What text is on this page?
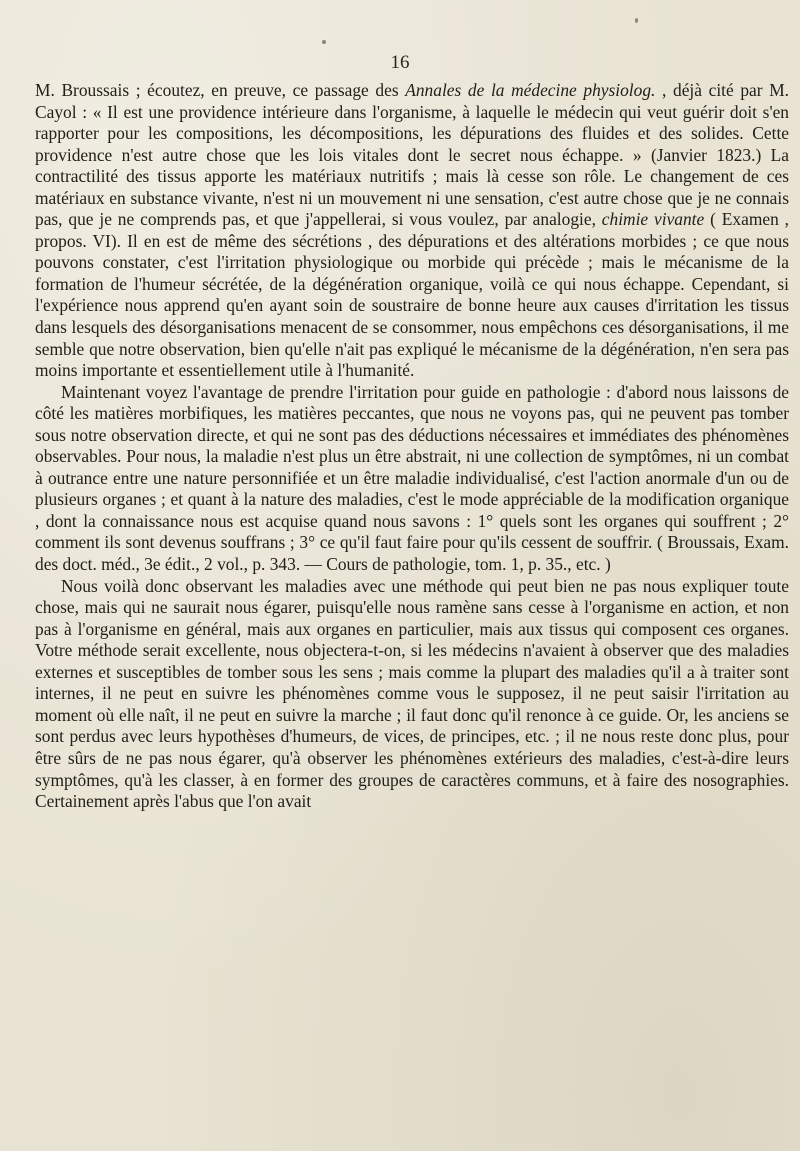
16

M. Broussais ; écoutez, en preuve, ce passage des Annales de la médecine physiolog. , déjà cité par M. Cayol : « Il est une providence intérieure dans l'organisme, à laquelle le médecin qui veut guérir doit s'en rapporter pour les compositions, les décompositions, les dépurations des fluides et des solides. Cette providence n'est autre chose que les lois vitales dont le secret nous échappe. » (Janvier 1823.) La contractilité des tissus apporte les matériaux nutritifs ; mais là cesse son rôle. Le changement de ces matériaux en substance vivante, n'est ni un mouvement ni une sensation, c'est autre chose que je ne connais pas, que je ne comprends pas, et que j'appellerai, si vous voulez, par analogie, chimie vivante ( Examen , propos. VI). Il en est de même des sécrétions , des dépurations et des altérations morbides ; ce que nous pouvons constater, c'est l'irritation physiologique ou morbide qui précède ; mais le mécanisme de la formation de l'humeur sécrétée, de la dégénération organique, voilà ce qui nous échappe. Cependant, si l'expérience nous apprend qu'en ayant soin de soustraire de bonne heure aux causes d'irritation les tissus dans lesquels des désorganisations menacent de se consommer, nous empêchons ces désorganisations, il me semble que notre observation, bien qu'elle n'ait pas expliqué le mécanisme de la dégénération, n'en sera pas moins importante et essentiellement utile à l'humanité.

Maintenant voyez l'avantage de prendre l'irritation pour guide en pathologie : d'abord nous laissons de côté les matières morbifiques, les matières peccantes, que nous ne voyons pas, qui ne peuvent pas tomber sous notre observation directe, et qui ne sont pas des déductions nécessaires et immédiates des phénomènes observables. Pour nous, la maladie n'est plus un être abstrait, ni une collection de symptômes, ni un combat à outrance entre une nature personnifiée et un être maladie individualisé, c'est l'action anormale d'un ou de plusieurs organes ; et quant à la nature des maladies, c'est le mode appréciable de la modification organique , dont la connaissance nous est acquise quand nous savons : 1° quels sont les organes qui souffrent ; 2° comment ils sont devenus souffrans ; 3° ce qu'il faut faire pour qu'ils cessent de souffrir. ( Broussais, Exam. des doct. méd., 3e édit., 2 vol., p. 343. — Cours de pathologie, tom. 1, p. 35., etc. )

Nous voilà donc observant les maladies avec une méthode qui peut bien ne pas nous expliquer toute chose, mais qui ne saurait nous égarer, puisqu'elle nous ramène sans cesse à l'organisme en action, et non pas à l'organisme en général, mais aux organes en particulier, mais aux tissus qui composent ces organes. Votre méthode serait excellente, nous objectera-t-on, si les médecins n'avaient à observer que des maladies externes et susceptibles de tomber sous les sens ; mais comme la plupart des maladies qu'il a à traiter sont internes, il ne peut en suivre les phénomènes comme vous le supposez, il ne peut saisir l'irritation au moment où elle naît, il ne peut en suivre la marche ; il faut donc qu'il renonce à ce guide. Or, les anciens se sont perdus avec leurs hypothèses d'humeurs, de vices, de principes, etc. ; il ne nous reste donc plus, pour être sûrs de ne pas nous égarer, qu'à observer les phénomènes extérieurs des maladies, c'est-à-dire leurs symptômes, qu'à les classer, à en former des groupes de caractères communs, et à faire des nosographies. Certainement après l'abus que l'on avait
